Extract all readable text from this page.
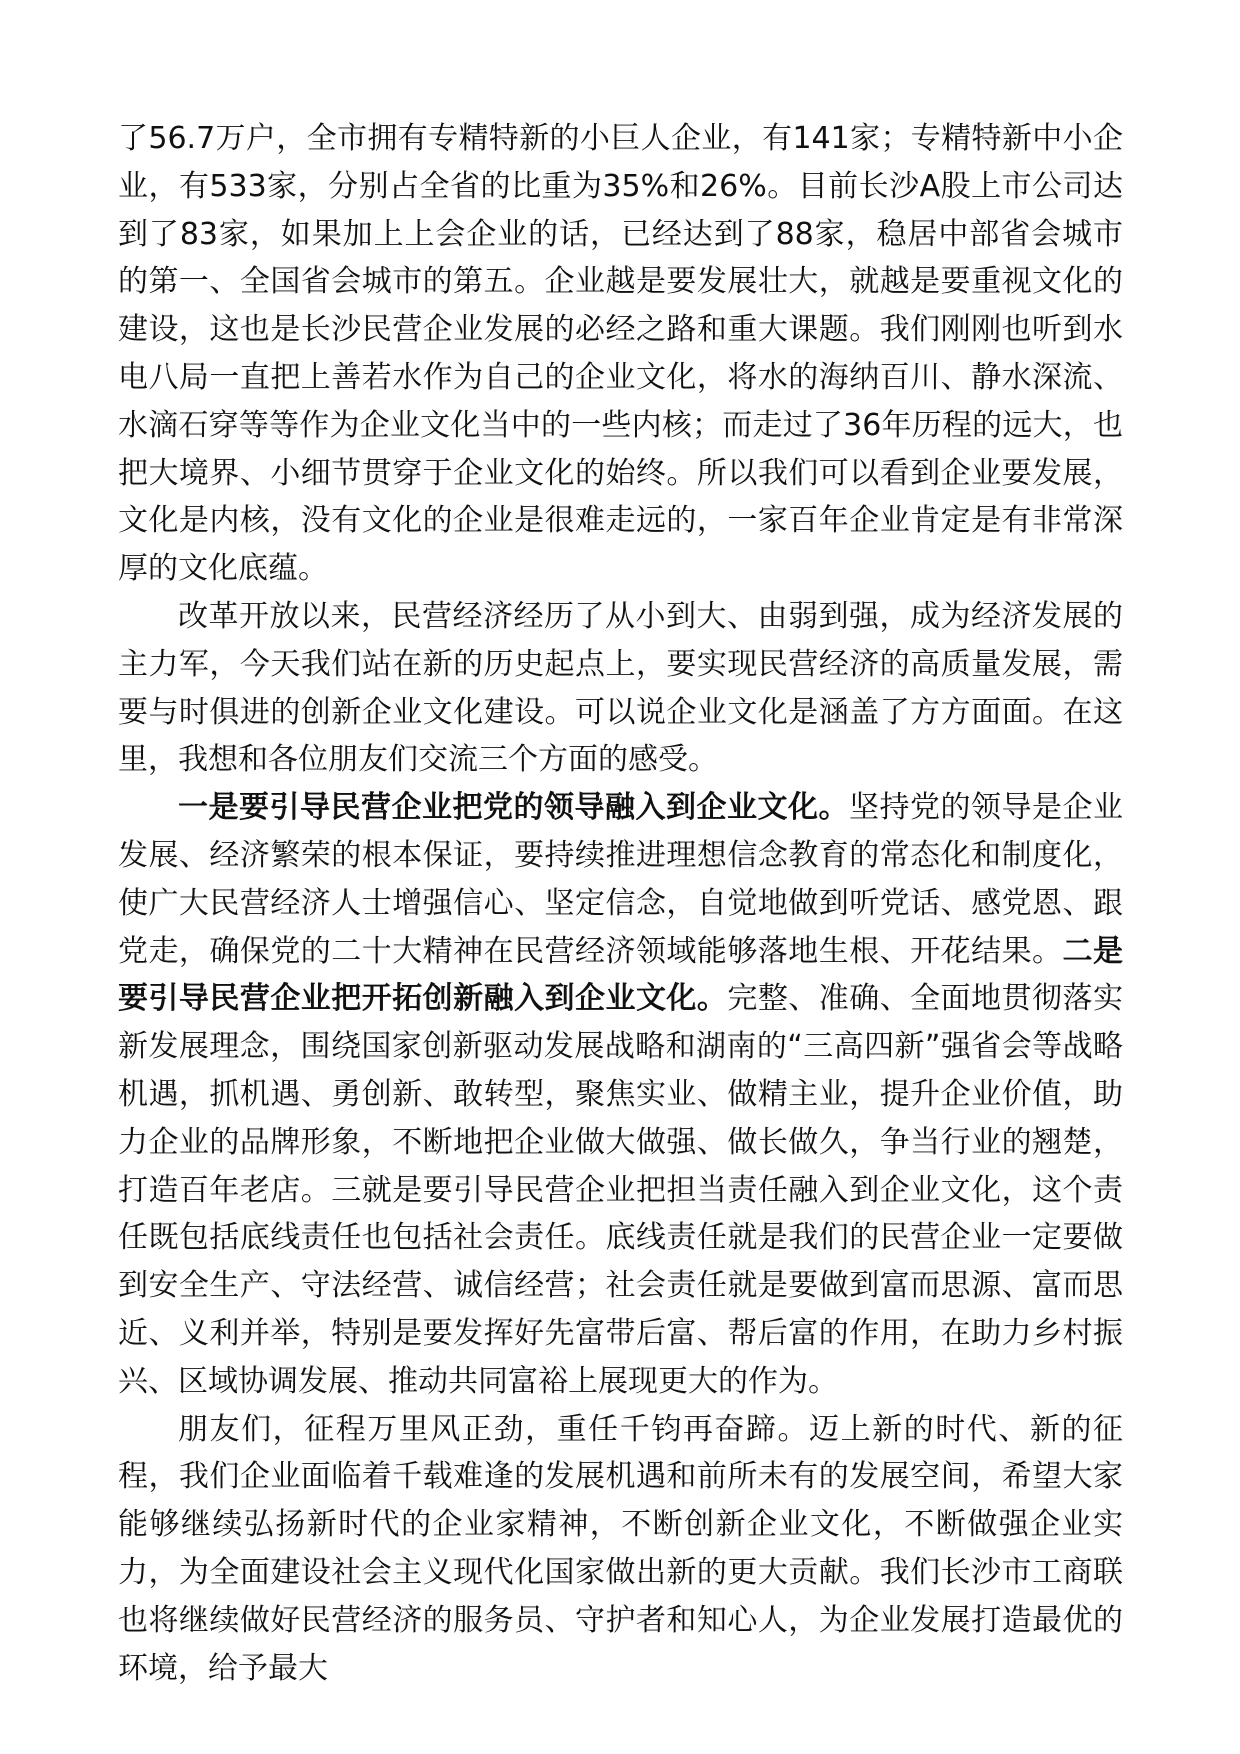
了56.7万户，全市拥有专精特新的小巨人企业，有141家；专精特新中小企业，有533家，分别占全省的比重为35%和26%。目前长沙A股上市公司达到了83家，如果加上上会企业的话，已经达到了88家，稳居中部省会城市的第一、全国省会城市的第五。企业越是要发展壮大，就越是要重视文化的建设，这也是长沙民营企业发展的必经之路和重大课题。我们刚刚也听到水电八局一直把上善若水作为自己的企业文化，将水的海纳百川、静水深流、水滴石穿等等作为企业文化当中的一些内核；而走过了36年历程的远大，也把大境界、小细节贯穿于企业文化的始终。所以我们可以看到企业要发展，文化是内核，没有文化的企业是很难走远的，一家百年企业肯定是有非常深厚的文化底蕴。

改革开放以来，民营经济经历了从小到大、由弱到强，成为经济发展的主力军，今天我们站在新的历史起点上，要实现民营经济的高质量发展，需要与时俱进的创新企业文化建设。可以说企业文化是涵盖了方方面面。在这里，我想和各位朋友们交流三个方面的感受。

一是要引导民营企业把党的领导融入到企业文化。坚持党的领导是企业发展、经济繁荣的根本保证，要持续推进理想信念教育的常态化和制度化，使广大民营经济人士增强信心、坚定信念，自觉地做到听党话、感党恩、跟党走，确保党的二十大精神在民营经济领域能够落地生根、开花结果。二是要引导民营企业把开拓创新融入到企业文化。完整、准确、全面地贯彻落实新发展理念，围绕国家创新驱动发展战略和湖南的“三高四新”强省会等战略机遇，抓机遇、勇创新、敢转型，聚焦实业、做精主业，提升企业价值，助力企业的品牌形象，不断地把企业做大做强、做长做久，争当行业的翘楚，打造百年老店。三就是要引导民营企业把担当责任融入到企业文化，这个责任既包括底线责任也包括社会责任。底线责任就是我们的民营企业一定要做到安全生产、守法经营、诚信经营；社会责任就是要做到富而思源、富而思近、义利并举，特别是要发挥好先富带后富、帮后富的作用，在助力乡村振兴、区域协调发展、推动共同富裕上展现更大的作为。

朋友们，征程万里风正劲，重任千钧再奋蹄。迈上新的时代、新的征程，我们企业面临着千载难逢的发展机遇和前所未有的发展空间，希望大家能够继续弘扬新时代的企业家精神，不断创新企业文化，不断做强企业实力，为全面建设社会主义现代化国家做出新的更大贡献。我们长沙市工商联也将继续做好民营经济的服务员、守护者和知心人，为企业发展打造最优的环境，给予最大
